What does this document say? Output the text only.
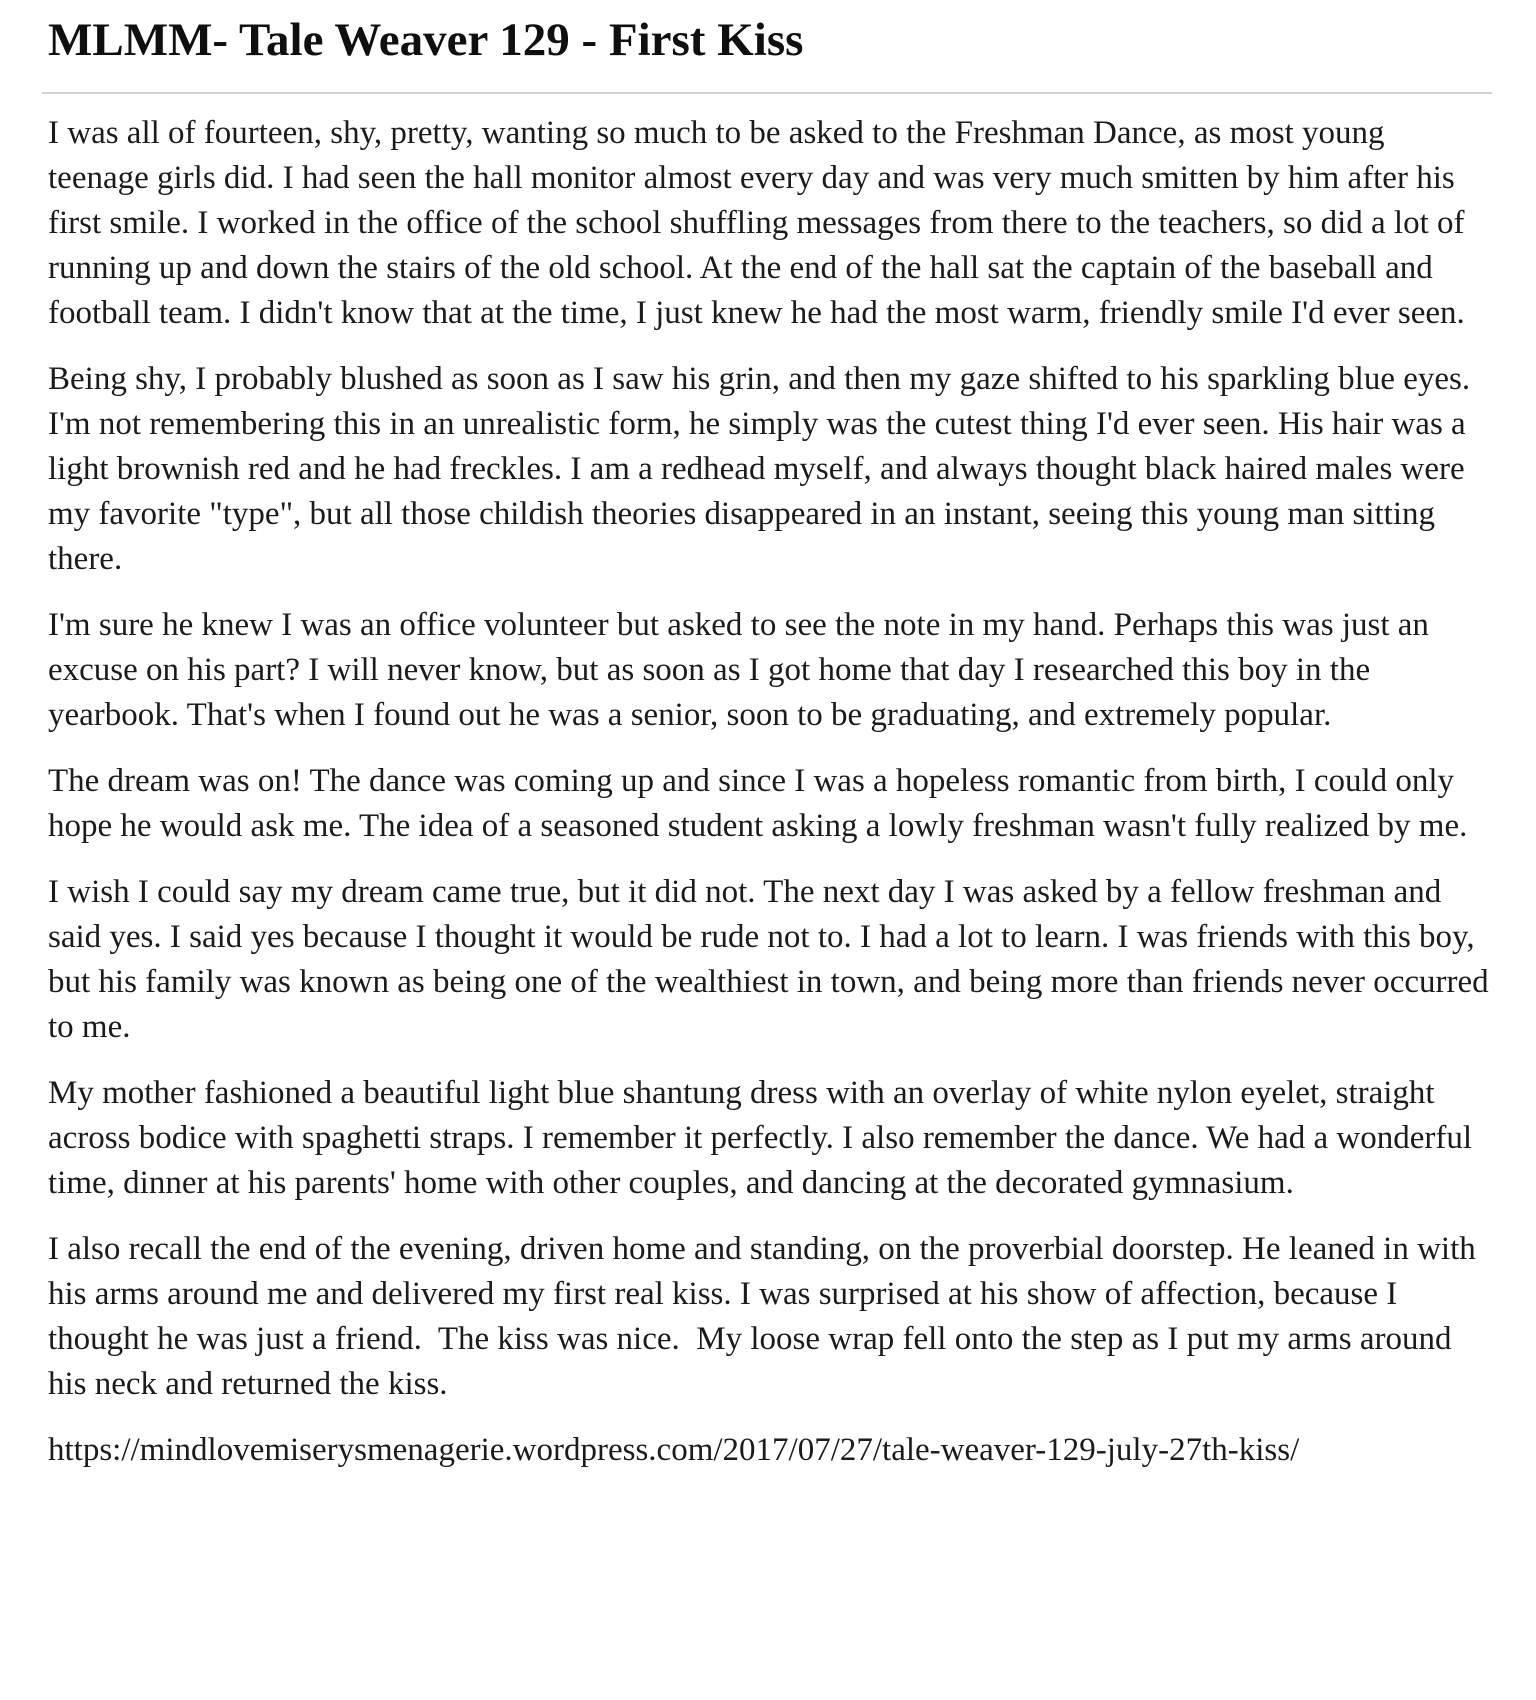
MLMM- Tale Weaver 129 - First Kiss

I was all of fourteen, shy, pretty, wanting so much to be asked to the Freshman Dance, as most young teenage girls did. I had seen the hall monitor almost every day and was very much smitten by him after his first smile. I worked in the office of the school shuffling messages from there to the teachers, so did a lot of running up and down the stairs of the old school. At the end of the hall sat the captain of the baseball and football team. I didn't know that at the time, I just knew he had the most warm, friendly smile I'd ever seen.

Being shy, I probably blushed as soon as I saw his grin, and then my gaze shifted to his sparkling blue eyes. I'm not remembering this in an unrealistic form, he simply was the cutest thing I'd ever seen. His hair was a light brownish red and he had freckles. I am a redhead myself, and always thought black haired males were my favorite "type", but all those childish theories disappeared in an instant, seeing this young man sitting there.

I'm sure he knew I was an office volunteer but asked to see the note in my hand. Perhaps this was just an excuse on his part? I will never know, but as soon as I got home that day I researched this boy in the yearbook. That's when I found out he was a senior, soon to be graduating, and extremely popular.

The dream was on! The dance was coming up and since I was a hopeless romantic from birth, I could only hope he would ask me. The idea of a seasoned student asking a lowly freshman wasn't fully realized by me.

I wish I could say my dream came true, but it did not. The next day I was asked by a fellow freshman and said yes. I said yes because I thought it would be rude not to. I had a lot to learn. I was friends with this boy, but his family was known as being one of the wealthiest in town, and being more than friends never occurred to me.

My mother fashioned a beautiful light blue shantung dress with an overlay of white nylon eyelet, straight across bodice with spaghetti straps. I remember it perfectly. I also remember the dance. We had a wonderful time, dinner at his parents' home with other couples, and dancing at the decorated gymnasium.

I also recall the end of the evening, driven home and standing, on the proverbial doorstep. He leaned in with his arms around me and delivered my first real kiss. I was surprised at his show of affection, because I thought he was just a friend.  The kiss was nice.  My loose wrap fell onto the step as I put my arms around his neck and returned the kiss.

https://mindlovemiserysmenagerie.wordpress.com/2017/07/27/tale-weaver-129-july-27th-kiss/
